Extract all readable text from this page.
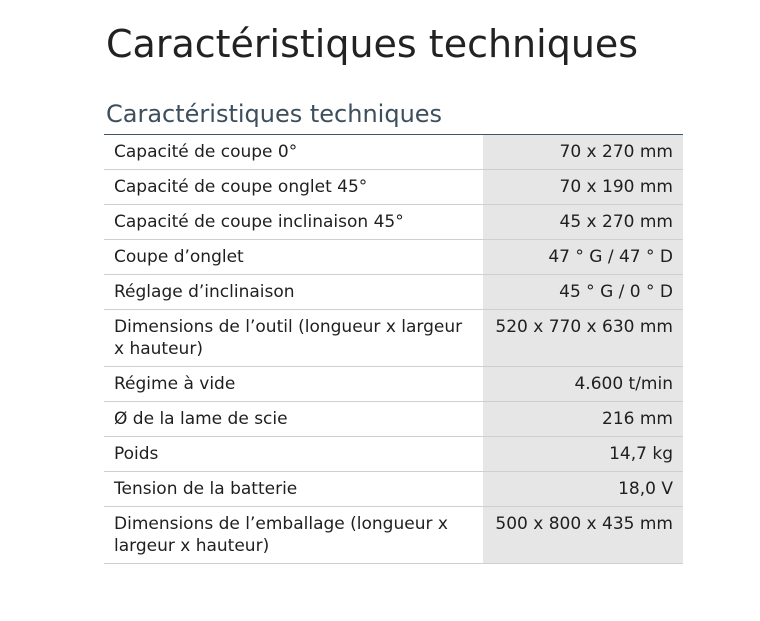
Caractéristiques techniques
Caractéristiques techniques
Capacité de coupe 0°	70 x 270 mm
Capacité de coupe onglet 45°	70 x 190 mm
Capacité de coupe inclinaison 45°	45 x 270 mm
Coupe d’onglet	47 ° G / 47 ° D
Réglage d’inclinaison	45 ° G / 0 ° D
Dimensions de l’outil (longueur x largeur x hauteur)	520 x 770 x 630 mm
Régime à vide	4.600 t/min
Ø de la lame de scie	216 mm
Poids	14,7 kg
Tension de la batterie	18,0 V
Dimensions de l’emballage (longueur x largeur x hauteur)	500 x 800 x 435 mm
